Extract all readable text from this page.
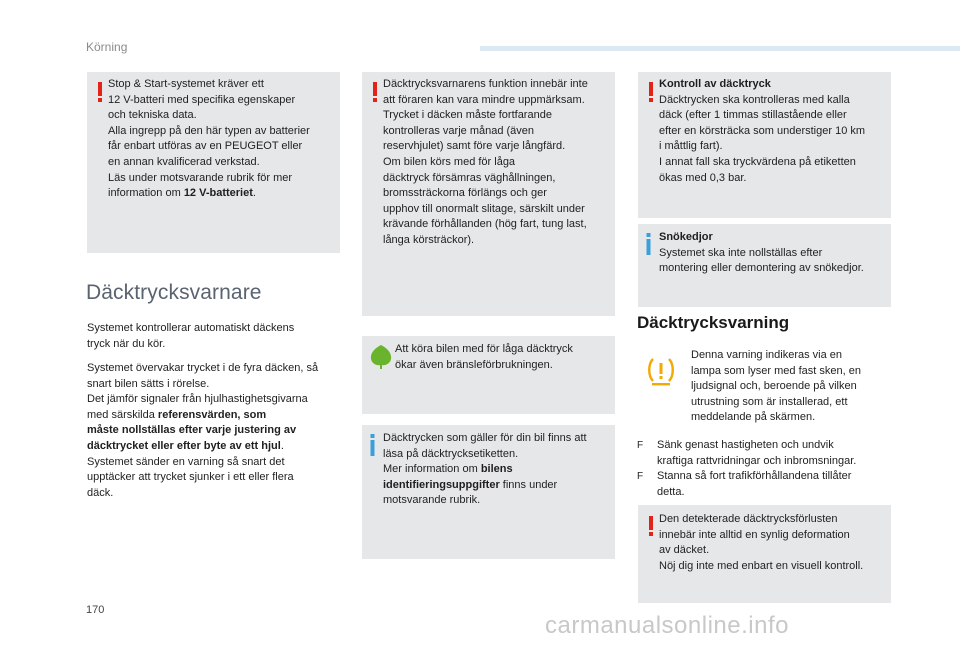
Körning
Stop & Start-systemet kräver ett
12 V-batteri med specifika egenskaper
och tekniska data.
Alla ingrepp på den här typen av batterier
får enbart utföras av en PEUGEOT eller
en annan kvalificerad verkstad.
Läs under motsvarande rubrik för mer
information om 12 V-batteriet.
Däcktrycksvarnare
Systemet kontrollerar automatiskt däckens
tryck när du kör.
Systemet övervakar trycket i de fyra däcken, så
snart bilen sätts i rörelse.
Det jämför signaler från hjulhastighetsgivarna
med särskilda referensvärden, som
måste nollställas efter varje justering av
däcktrycket eller efter byte av ett hjul.
Systemet sänder en varning så snart det
upptäcker att trycket sjunker i ett eller flera
däck.
Däcktrycksvarnarens funktion innebär inte
att föraren kan vara mindre uppmärksam.
Trycket i däcken måste fortfarande
kontrolleras varje månad (även
reservhjulet) samt före varje långfärd.
Om bilen körs med för låga
däcktryck försämras väghållningen,
bromssträckorna förlängs och ger
upphov till onormalt slitage, särskilt under
krävande förhållanden (hög fart, tung last,
långa körsträckor).
Att köra bilen med för låga däcktryck
ökar även bränsleförbrukningen.
Däcktrycken som gäller för din bil finns att
läsa på däcktrycksetiketten.
Mer information om bilens
identifieringsuppgifter finns under
motsvarande rubrik.
Kontroll av däcktryck
Däcktrycken ska kontrolleras med kalla
däck (efter 1 timmas stillastående eller
efter en körsträcka som understiger 10 km
i måttlig fart).
I annat fall ska tryckvärdena på etiketten
ökas med 0,3 bar.
Snökedjor
Systemet ska inte nollställas efter
montering eller demontering av snökedjor.
Däcktrycksvarning
Denna varning indikeras via en
lampa som lyser med fast sken, en
ljudsignal och, beroende på vilken
utrustning som är installerad, ett
meddelande på skärmen.
F Sänk genast hastigheten och undvik
kraftiga rattvridningar och inbromsningar.
F Stanna så fort trafikförhållandena tillåter
detta.
Den detekterade däcktrycksförlusten
innebär inte alltid en synlig deformation
av däcket.
Nöj dig inte med enbart en visuell kontroll.
170
carmanualsonline.info
